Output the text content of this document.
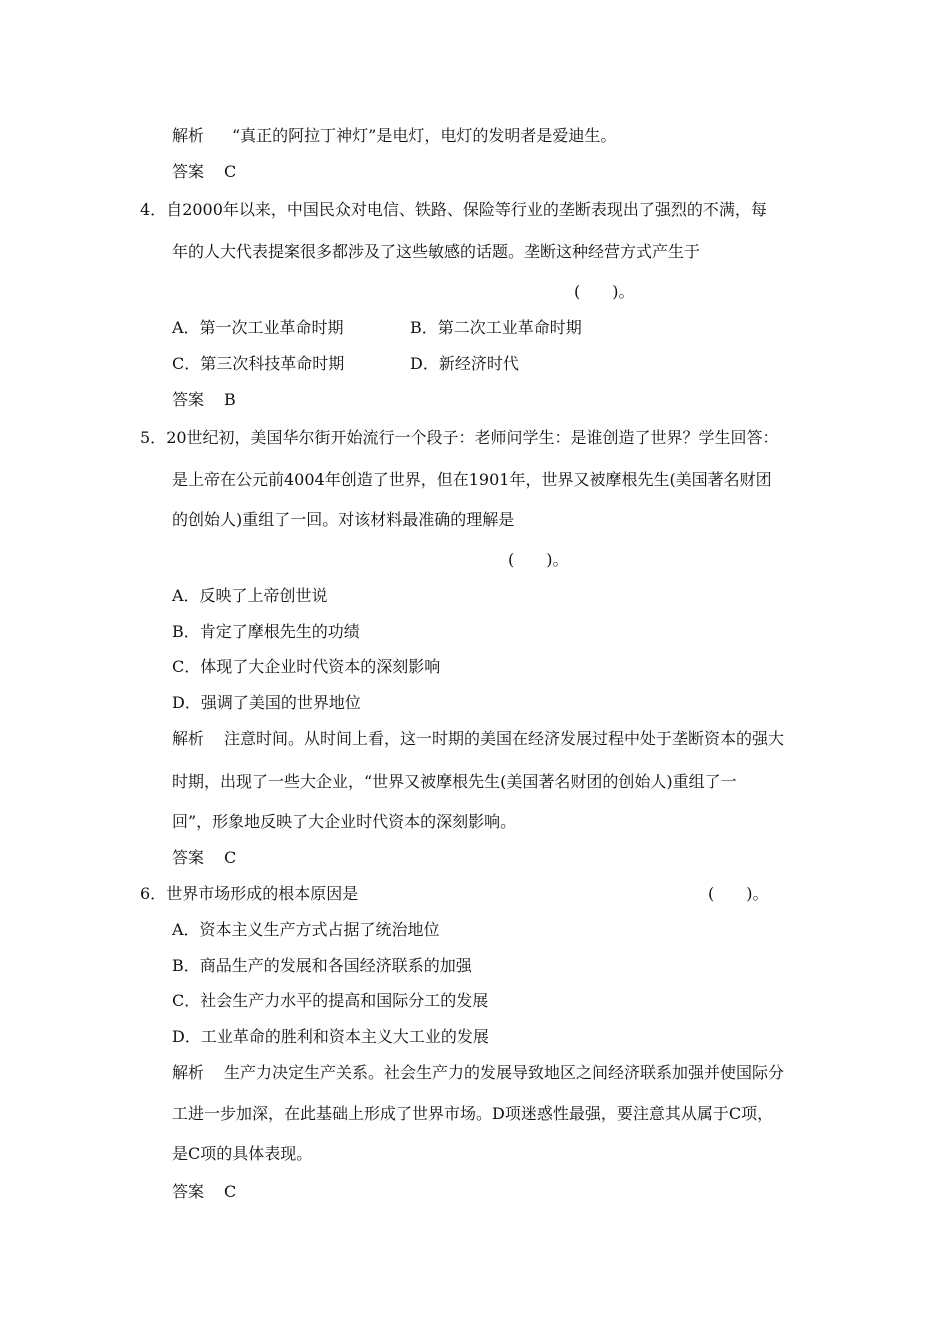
解析 “真正的阿拉丁神灯”是电灯，电灯的发明者是爱迪生。
答案 C
4．自2000年以来，中国民众对电信、铁路、保险等行业的垄断表现出了强烈的不满，每
年的人大代表提案很多都涉及了这些敏感的话题。垄断这种经营方式产生于
(　　)。
A．第一次工业革命时期	B．第二次工业革命时期
C．第三次科技革命时期	D．新经济时代
答案 B
5．20世纪初，美国华尔街开始流行一个段子：老师问学生：是谁创造了世界？学生回答：
是上帝在公元前4004年创造了世界，但在1901年，世界又被摩根先生(美国著名财团
的创始人)重组了一回。对该材料最准确的理解是
(　　)。
A．反映了上帝创世说
B．肯定了摩根先生的功绩
C．体现了大企业时代资本的深刻影响
D．强调了美国的世界地位
解析 注意时间。从时间上看，这一时期的美国在经济发展过程中处于垄断资本的强大
时期，出现了一些大企业，“世界又被摩根先生(美国著名财团的创始人)重组了一
回”，形象地反映了大企业时代资本的深刻影响。
答案 C
6．世界市场形成的根本原因是	(　　)。
A．资本主义生产方式占据了统治地位
B．商品生产的发展和各国经济联系的加强
C．社会生产力水平的提高和国际分工的发展
D．工业革命的胜利和资本主义大工业的发展
解析 生产力决定生产关系。社会生产力的发展导致地区之间经济联系加强并使国际分
工进一步加深，在此基础上形成了世界市场。D项迷惑性最强，要注意其从属于C项，
是C项的具体表现。
答案 C
